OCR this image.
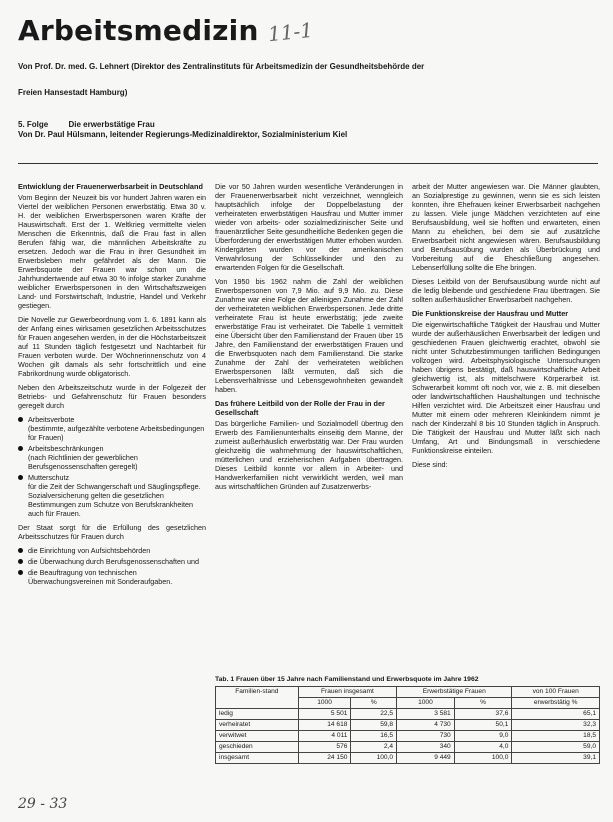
Arbeitsmedizin 11-1
Von Prof. Dr. med. G. Lehnert (Direktor des Zentralinstituts für Arbeitsmedizin der Gesundheitsbehörde der
Freien Hansestadt Hamburg)
5. Folge	Die erwerbstätige Frau
Von Dr. Paul Hülsmann, leitender Regierungs-Medizinaldirektor, Sozialministerium Kiel
Entwicklung der Frauenerwerbsarbeit in Deutschland

Vom Beginn der Neuzeit bis vor hundert Jahren waren ein Viertel der weiblichen Personen erwerbstätig. Etwa 30 v. H. der weiblichen Erwerbspersonen waren Kräfte der Hauswirtschaft. Erst der 1. Weltkrieg vermittelte vielen Menschen die Erkenntnis, daß die Frau fast in allen Berufen fähig war, die männlichen Arbeitskräfte zu ersetzen. Jedoch war die Frau in ihrer Gesundheit im Erwerbsleben mehr gefährdet als der Mann. Die Erwerbsquote der Frauen war schon um die Jahrhundertwende auf etwa 30 % infolge starker Zunahme weiblicher Erwerbspersonen in den Wirtschaftszweigen Land- und Forstwirtschaft, Industrie, Handel und Verkehr gestiegen.

Die Novelle zur Gewerbeordnung vom 1. 6. 1891 kann als der Anfang eines wirksamen gesetzlichen Arbeitsschutzes für Frauen angesehen werden, in der die Höchstarbeitszeit auf 11 Stunden täglich festgesetzt und Nachtarbeit für Frauen verboten wurde. Der Wöchnerinnenschutz von 4 Wochen gilt damals als sehr fortschrittlich und eine Fabrikordnung wurde obligatorisch.

Neben den Arbeitszeitschutz wurde in der Folgezeit der Betriebs- und Gefahrenschutz für Frauen besonders geregelt durch

Arbeitsverbote
(bestimmte, aufgezählte verbotene Arbeitsbedingungen für Frauen)
Arbeitsbeschränkungen
(nach Richtlinien der gewerblichen Berufsgenossenschaften geregelt)
Mutterschutz
für die Zeit der Schwangerschaft und Säuglingspflege. Sozialversicherung gelten die gesetzlichen Bestimmungen zum Schutze von Berufskrankheiten auch für Frauen.

Der Staat sorgt für die Erfüllung des gesetzlichen Arbeitsschutzes für Frauen durch

die Einrichtung von Aufsichtsbehörden
die Überwachung durch Berufsgenossenschaften und
die Beauftragung von technischen Überwachungsvereinen mit Sonderaufgaben.

Die vor 50 Jahren wurden wesentliche Veränderungen in der Frauenerwerbsarbeit nicht verzeichnet, wenngleich hauptsächlich infolge der Doppelbelastung der verheirateten erwerbstätigen Hausfrau und Mutter immer wieder von arbeits- oder sozialmedizinischer Seite und frauenärztlicher Seite gesundheitliche Bedenken gegen die Überforderung der erwerbstätigen Mutter erhoben wurden. Kindergärten wurden vor der amerikanischen Verwahrlosung der Schlüsselkinder und den zu erwartenden Folgen für die Gesellschaft.

Von 1950 bis 1962 nahm die Zahl der weiblichen Erwerbspersonen von 7,9 Mio. auf 9,9 Mio. zu. Diese Zunahme war eine Folge der alleinigen Zunahme der Zahl der verheirateten weiblichen Erwerbspersonen. Jede dritte verheiratete Frau ist heute erwerbstätig; jede zweite erwerbstätige Frau ist verheiratet. Die Tabelle 1 vermittelt eine Übersicht über den Familienstand der Frauen über 15 Jahre, den Familienstand der erwerbstätigen Frauen und die Erwerbsquoten nach dem Familienstand. Die starke Zunahme der Zahl der verheirateten weiblichen Erwerbspersonen läßt vermuten, daß sich die Lebensverhältnisse und Lebensgewohnheiten gewandelt haben.

Das frühere Leitbild von der Rolle der Frau in der Gesellschaft

Das bürgerliche Familien- und Sozialmodell übertrug den Erwerb des Familienunterhalts einseitig dem Manne, der zumeist außerhäuslich erwerbstätig war. Der Frau wurden gleichzeitig die wahrnehmung der hauswirtschaftlichen, mütterlichen und erzieherischen Aufgaben übertragen. Dieses Leitbild konnte vor allem in Arbeiter- und Handwerkerfamilien nicht verwirklicht werden, weil man aus wirtschaftlichen Gründen auf Zusatzerwerbs-

arbeit der Mutter angewiesen war. Die Männer glaubten, an Sozialprestige zu gewinnen, wenn sie es sich leisten konnten, ihre Ehefrauen keiner Erwerbsarbeit nachgehen zu lassen. Viele junge Mädchen verzichteten auf eine Berufsausbildung, weil sie hofften und erwarteten, einen Mann zu ehelichen, bei dem sie auf zusätzliche Erwerbsarbeit nicht angewiesen wären. Berufsausbildung und Berufsausübung wurden als Überbrückung und Vorbereitung auf die Eheschließung angesehen. Lebenserfüllung sollte die Ehe bringen.

Dieses Leitbild von der Berufsausübung wurde nicht auf die ledig bleibende und geschiedene Frau übertragen. Sie sollten außerhäuslicher Erwerbsarbeit nachgehen.

Die Funktionskreise der Hausfrau und Mutter

Die eigenwirtschaftliche Tätigkeit der Hausfrau und Mutter wurde der außerhäuslichen Erwerbsarbeit der ledigen und geschiedenen Frauen gleichwertig erachtet, obwohl sie nicht unter Schutzbestimmungen tariflichen Bedingungen vollzogen wird. Arbeitsphysiologische Untersuchungen haben übrigens bestätigt, daß hauswirtschaftliche Arbeit gleichwertig ist, als mittelschwere Körperarbeit ist. Schwerarbeit kommt oft noch vor, wie z. B. mit dieselben oder landwirtschaftlichen Haushaltungen und technische Hilfen verzichtet wird. Die Arbeitszeit einer Hausfrau und Mutter mit einem oder mehreren Kleinkindern nimmt je nach der Kinderzahl 8 bis 10 Stunden täglich in Anspruch. Die Tätigkeit der Hausfrau und Mutter läßt sich nach Umfang, Art und Bindungsmaß in verschiedene Funktionskreise einteilen.

Diese sind:

Tab. 1 Frauen über 15 Jahre nach Familienstand und Erwerbsquote im Jahre 1962
Familien-stand	Frauen insgesamt		Erwerbstätige Frauen		von 100 Frauen
	1000	%	1000	%	erwerbstätig %
ledig	5 501	22,5	3 581	37,6	65,1
verheiratet	14 618	59,8	4 730	50,1	32,3
verwitwet	4 011	16,5	730	9,0	18,5
geschieden	576	2,4	340	4,0	59,0
insgesamt	24 150	100,0	9 449	100,0	39,1
29 - 33
